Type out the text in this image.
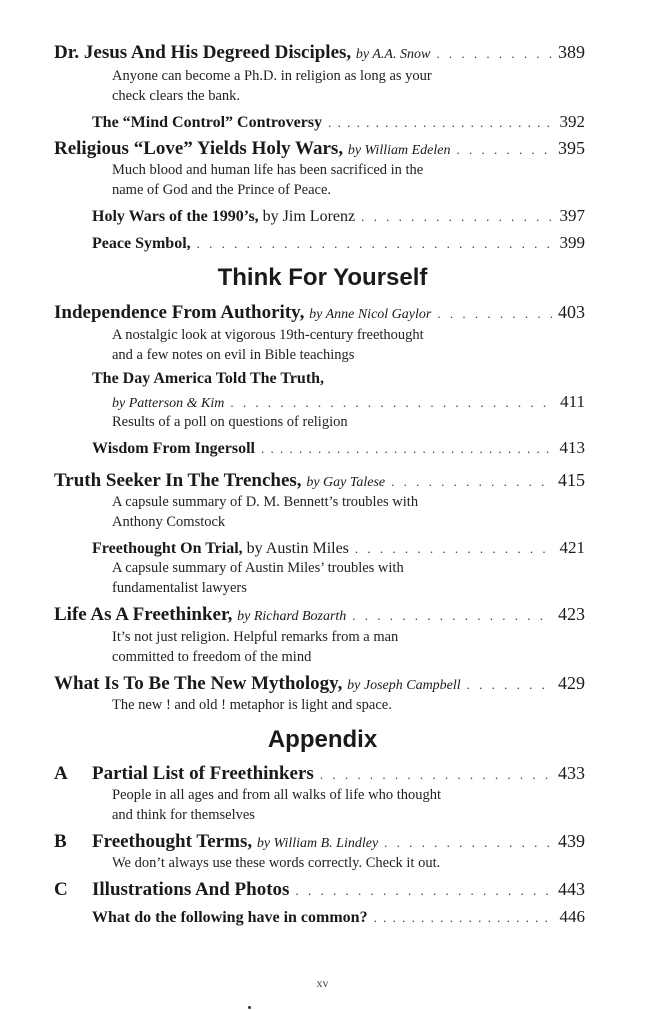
Dr. Jesus And His Degreed Disciples,
by A.A. Snow . . .	389
Anyone can become a Ph.D. in religion as long as your
check clears the bank.
The “Mind Control” Controversy . . .	392
Religious “Love” Yields Holy Wars,
by William Edelen . . .	395
Much blood and human life has been sacrificed in the
name of God and the Prince of Peace.
Holy Wars of the 1990’s,
by Jim Lorenz . . .	397
Peace Symbol, . . .	399
Think For Yourself
Independence From Authority,
by Anne Nicol Gaylor . . .	403
A nostalgic look at vigorous 19th-century freethought
and a few notes on evil in Bible teachings
The Day America Told The Truth,
by Patterson & Kim . . .	411
Results of a poll on questions of religion
Wisdom From Ingersoll . . .	413
Truth Seeker In The Trenches,
by Gay Talese . . .	415
A capsule summary of D. M. Bennett’s troubles with
Anthony Comstock
Freethought On Trial,
by Austin Miles . . .	421
A capsule summary of Austin Miles’ troubles with
fundamentalist lawyers
Life As A Freethinker,
by Richard Bozarth . . .	423
It’s not just religion. Helpful remarks from a man
committed to freedom of the mind
What Is To Be The New Mythology,
by Joseph Campbell . . .	429
The new ! and old ! metaphor is light and space.
Appendix
A	Partial List of Freethinkers . . .	433
People in all ages and from all walks of life who thought
and think for themselves
B	Freethought Terms,
by William B. Lindley . . .	439
We don’t always use these words correctly. Check it out.
C	Illustrations And Photos . . .	443
What do the following have in common? . . .	446
xv
